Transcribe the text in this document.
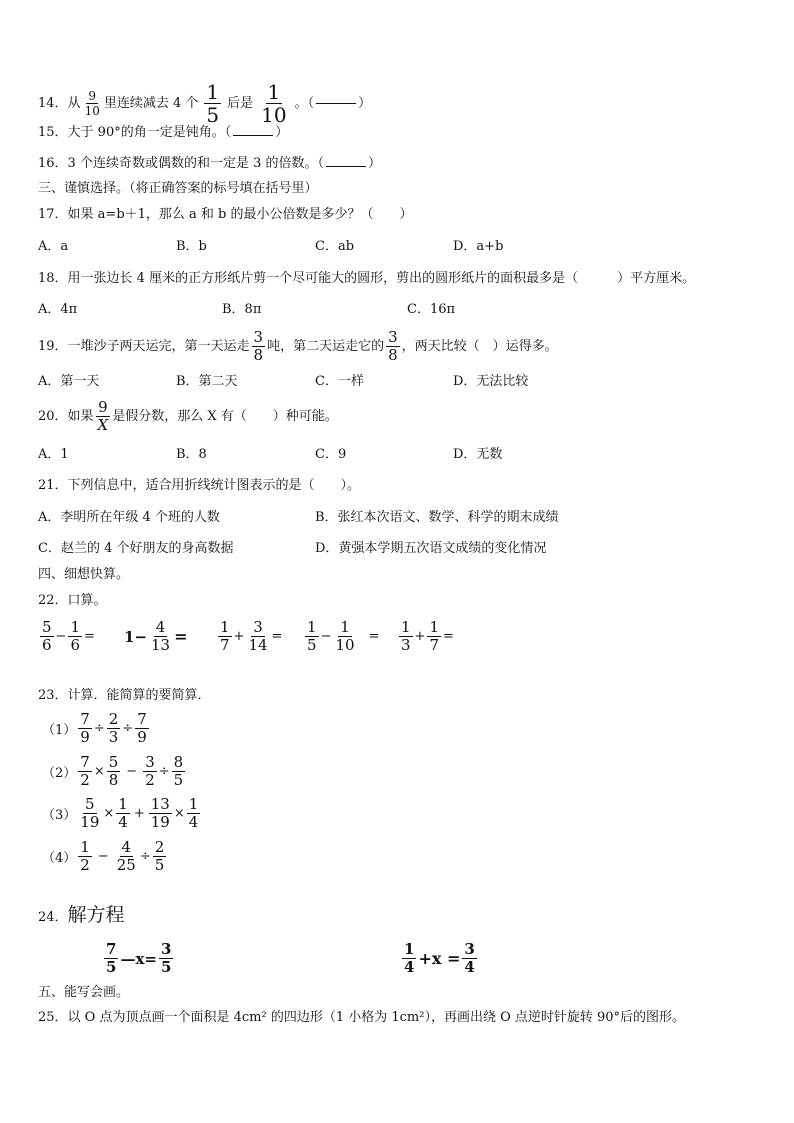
14． 从 9
10
里连续减去 4 个 1
5 后是 1
10 。（	）
15．大于 90°的角一定是钝角。（	）
16．3 个连续奇数或偶数的和一定是 3 的倍数。（	）
三、谨慎选择。（将正确答案的标号填在括号里）
17．如果 a=b＋1，那么 a 和 b 的最小公倍数是多少？（　　）
A．a	B．b	C．ab	D．a+b
18．用一张边长 4 厘米的正方形纸片剪一个尽可能大的圆形，剪出的圆形纸片的面积最多是（　　　）平方厘米。
A．4π	B．8π	C．16π
19．一堆沙子两天运完，第一天运走 3
8 吨，第二天运走它的 3
8 ，两天比较（　）运得多。
A．第一天	B．第二天	C．一样	D．无法比较
20．如果 9
X 是假分数，那么 X 有（　　）种可能。
A．1	B．8	C．9	D．无数
21．下列信息中，适合用折线统计图表示的是（　　）。
A．李明所在年级 4 个班的人数	B．张红本次语文、数学、科学的期末成绩
C．赵兰的 4 个好朋友的身高数据	D．黄强本学期五次语文成绩的变化情况
四、细想快算。
22．口算。
5
$6 - \frac{1}{6} = 1- \frac{4}{13} = 1$
$7 + \frac{3}{14}$ =
1
$5 - \frac{1}{10}$ =
1
$3 + \frac{1}{7}$ =
23．计算．能简算的要简算．
$(1) \frac{7}{9} \div \frac{2}{3} \div \frac{7}{9}$
$(2) \frac{7}{2} \times \frac{5}{8} - \frac{3}{2} \div \frac{8}{5}$
$(3) \frac{5}{19} \times \frac{1}{4} + \frac{13}{19} \times \frac{1}{4}$
（4）
1
$2 - \frac{4}{25} \div \frac{2}{5}$
24． 解方程
7
5 —x= $\frac{3}{5}$	1
$4 +x = \frac{3}{4}$
五、能写会画。
25．以 O 点为顶点画一个面积是 4cm² 的四边形（1 小格为 1cm²），再画出绕 O 点逆时针旋转 90°后的图形。
